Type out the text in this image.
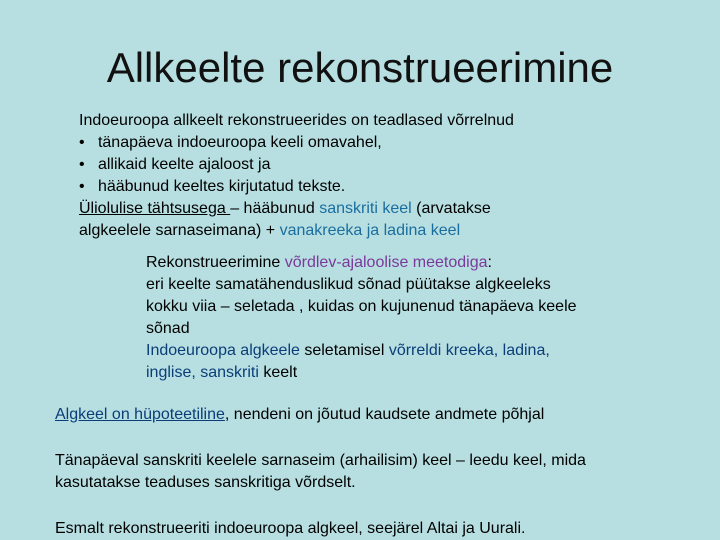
Allkeelte rekonstrueerimine
Indoeuroopa allkeelt rekonstrueerides on teadlased võrrelnud
• tänapäeva indoeuroopa keeli omavahel,
• allikaid keelte ajaloost ja
• hääbunud keeltes kirjutatud tekste.
Üliolulise tähtsusega – hääbunud sanskriti keel (arvatakse
algkeelele sarnaseimana) + vanakreeka ja ladina keel
Rekonstrueerimine võrdlev-ajaloolise meetodiga:
eri keelte samatähenduslikud sõnad püütakse algkeeleks
kokku viia – seletada , kuidas on kujunenud tänapäeva keele
sõnad
Indoeuroopa algkeele seletamisel võrreldi kreeka, ladina,
inglise, sanskriti keelt
Algkeel on hüpoteetiline, nendeni on jõutud kaudsete andmete põhjal
Tänapäeval sanskriti keelele sarnaseim (arhailisim) keel – leedu keel, mida
kasutatakse teaduses sanskritiga võrdselt.
Esmalt rekonstrueeriti indoeuroopa algkeel, seejärel Altai ja Uurali.
